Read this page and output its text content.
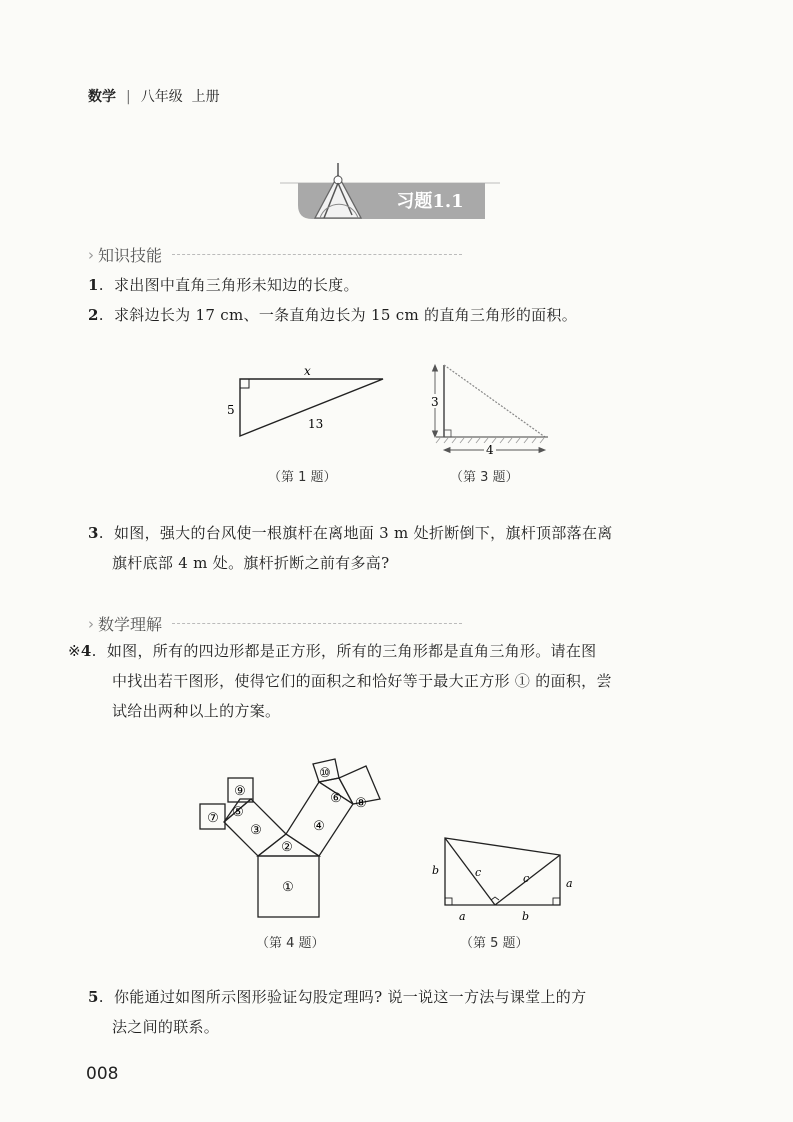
数学 | 八年级 上册
习题1.1
› 知识技能
1.  求出图中直角三角形未知边的长度。
2.  求斜边长为 17 cm、一条直角边长为 15 cm 的直角三角形的面积。
x
5
13
（第 1 题）
3
4
（第 3 题）
3.  如图，强大的台风使一根旗杆在离地面 3 m 处折断倒下，旗杆顶部落在离
旗杆底部 4 m 处。旗杆折断之前有多高?
› 数学理解
※4.  如图，所有的四边形都是正方形，所有的三角形都是直角三角形。请在图
中找出若干图形，使得它们的面积之和恰好等于最大正方形 ① 的面积，尝
试给出两种以上的方案。
①
②
③	④
⑤
⑥
⑦
⑧
⑨
⑩
（第 4 题）
b	c	c	a
a	b
（第 5 题）
5.  你能通过如图所示图形验证勾股定理吗? 说一说这一方法与课堂上的方
法之间的联系。
008
